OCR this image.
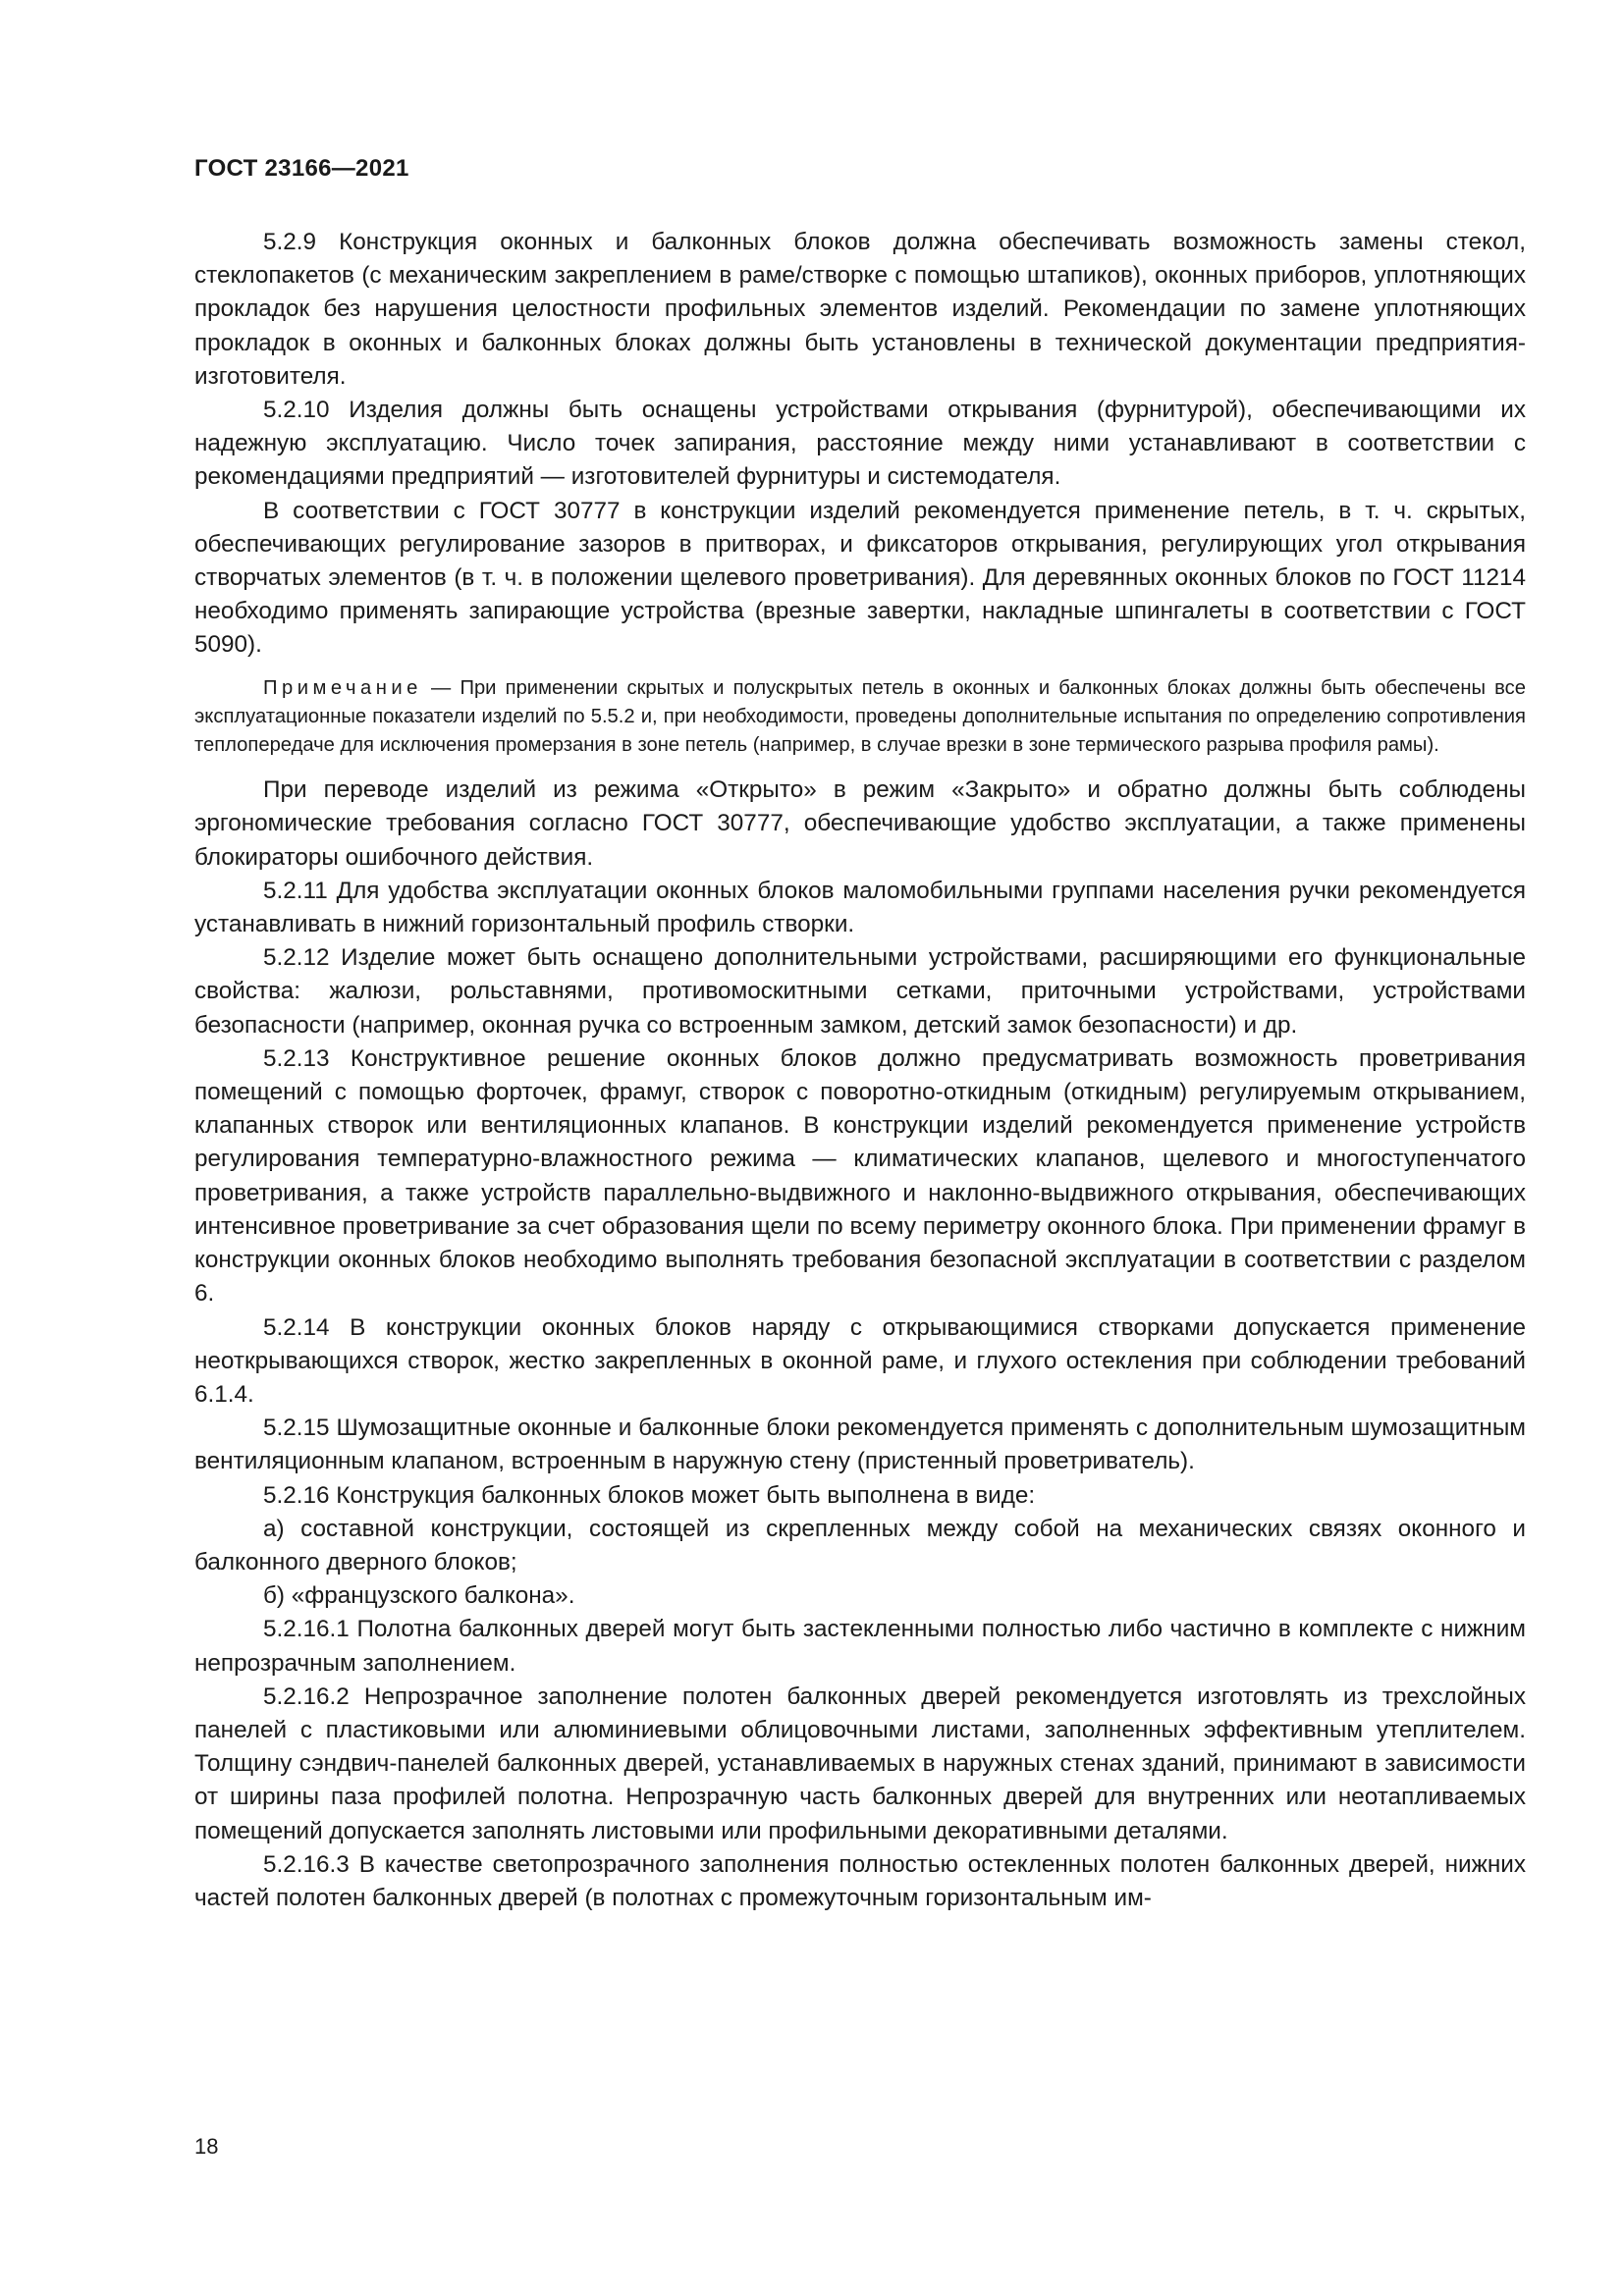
ГОСТ 23166—2021

5.2.9 Конструкция оконных и балконных блоков должна обеспечивать возможность замены стекол, стеклопакетов (с механическим закреплением в раме/створке с помощью штапиков), оконных приборов, уплотняющих прокладок без нарушения целостности профильных элементов изделий. Рекомендации по замене уплотняющих прокладок в оконных и балконных блоках должны быть установлены в технической документации предприятия-изготовителя.

5.2.10 Изделия должны быть оснащены устройствами открывания (фурнитурой), обеспечивающими их надежную эксплуатацию. Число точек запирания, расстояние между ними устанавливают в соответствии с рекомендациями предприятий — изготовителей фурнитуры и системодателя.

В соответствии с ГОСТ 30777 в конструкции изделий рекомендуется применение петель, в т. ч. скрытых, обеспечивающих регулирование зазоров в притворах, и фиксаторов открывания, регулирующих угол открывания створчатых элементов (в т. ч. в положении щелевого проветривания). Для деревянных оконных блоков по ГОСТ 11214 необходимо применять запирающие устройства (врезные завертки, накладные шпингалеты в соответствии с ГОСТ 5090).

Примечание — При применении скрытых и полускрытых петель в оконных и балконных блоках должны быть обеспечены все эксплуатационные показатели изделий по 5.5.2 и, при необходимости, проведены дополнительные испытания по определению сопротивления теплопередаче для исключения промерзания в зоне петель (например, в случае врезки в зоне термического разрыва профиля рамы).

При переводе изделий из режима «Открыто» в режим «Закрыто» и обратно должны быть соблюдены эргономические требования согласно ГОСТ 30777, обеспечивающие удобство эксплуатации, а также применены блокираторы ошибочного действия.

5.2.11 Для удобства эксплуатации оконных блоков маломобильными группами населения ручки рекомендуется устанавливать в нижний горизонтальный профиль створки.

5.2.12 Изделие может быть оснащено дополнительными устройствами, расширяющими его функциональные свойства: жалюзи, рольставнями, противомоскитными сетками, приточными устройствами, устройствами безопасности (например, оконная ручка со встроенным замком, детский замок безопасности) и др.

5.2.13 Конструктивное решение оконных блоков должно предусматривать возможность проветривания помещений с помощью форточек, фрамуг, створок с поворотно-откидным (откидным) регулируемым открыванием, клапанных створок или вентиляционных клапанов. В конструкции изделий рекомендуется применение устройств регулирования температурно-влажностного режима — климатических клапанов, щелевого и многоступенчатого проветривания, а также устройств параллельно-выдвижного и наклонно-выдвижного открывания, обеспечивающих интенсивное проветривание за счет образования щели по всему периметру оконного блока. При применении фрамуг в конструкции оконных блоков необходимо выполнять требования безопасной эксплуатации в соответствии с разделом 6.

5.2.14 В конструкции оконных блоков наряду с открывающимися створками допускается применение неоткрывающихся створок, жестко закрепленных в оконной раме, и глухого остекления при соблюдении требований 6.1.4.

5.2.15 Шумозащитные оконные и балконные блоки рекомендуется применять с дополнительным шумозащитным вентиляционным клапаном, встроенным в наружную стену (пристенный проветриватель).

5.2.16 Конструкция балконных блоков может быть выполнена в виде:

а) составной конструкции, состоящей из скрепленных между собой на механических связях оконного и балконного дверного блоков;

б) «французского балкона».

5.2.16.1 Полотна балконных дверей могут быть застекленными полностью либо частично в комплекте с нижним непрозрачным заполнением.

5.2.16.2 Непрозрачное заполнение полотен балконных дверей рекомендуется изготовлять из трехслойных панелей с пластиковыми или алюминиевыми облицовочными листами, заполненных эффективным утеплителем. Толщину сэндвич-панелей балконных дверей, устанавливаемых в наружных стенах зданий, принимают в зависимости от ширины паза профилей полотна. Непрозрачную часть балконных дверей для внутренних или неотапливаемых помещений допускается заполнять листовыми или профильными декоративными деталями.

5.2.16.3 В качестве светопрозрачного заполнения полностью остекленных полотен балконных дверей, нижних частей полотен балконных дверей (в полотнах с промежуточным горизонтальным им-

18
